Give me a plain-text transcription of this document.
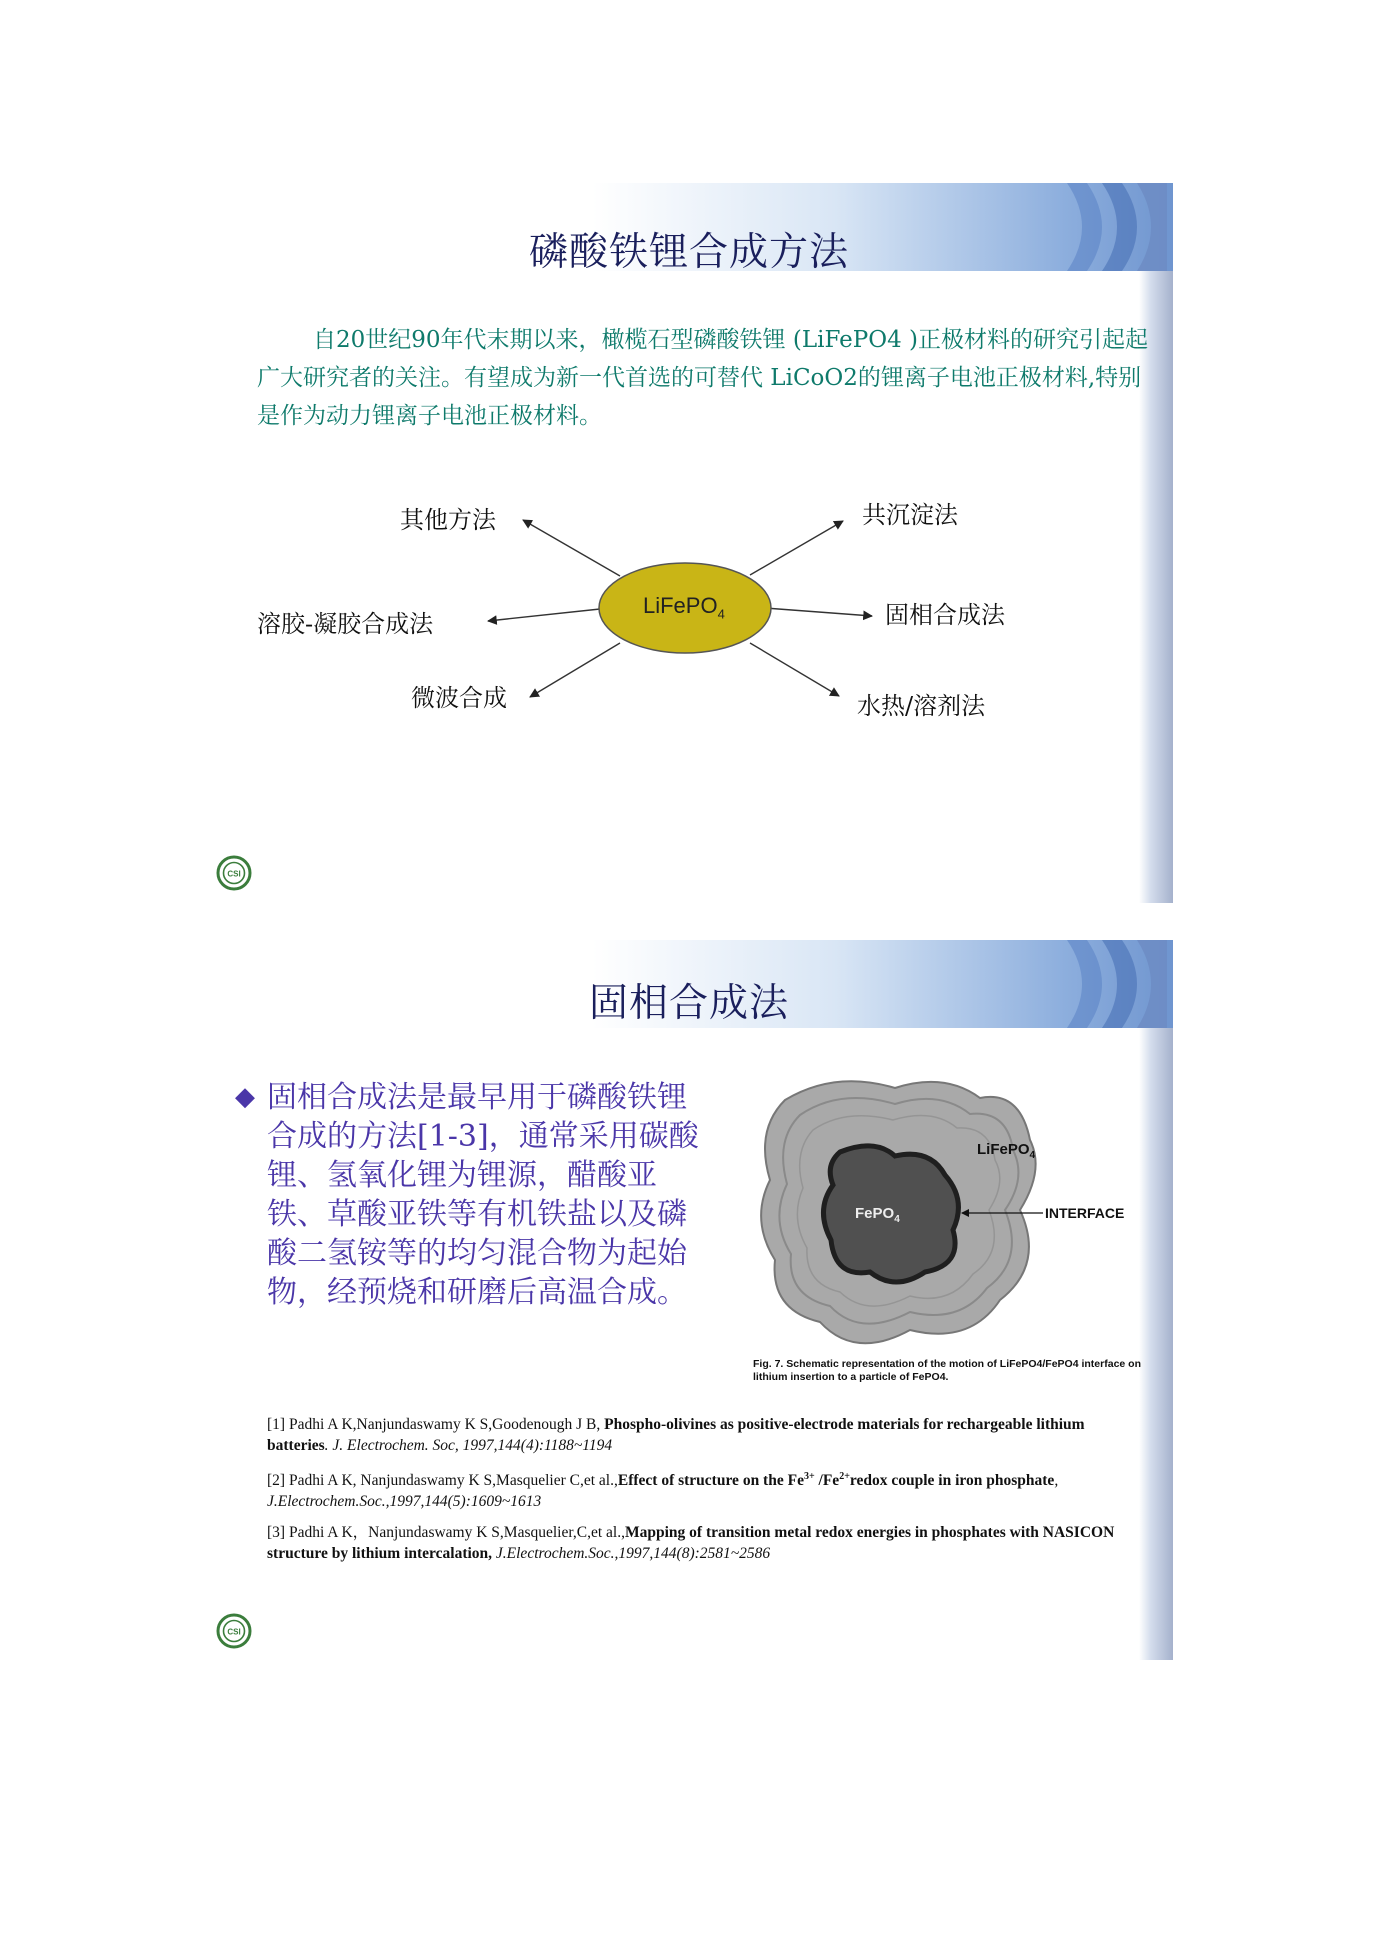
磷酸铁锂合成方法
自20世纪90年代末期以来，橄榄石型磷酸铁锂 (LiFePO4 )正极材料的研究引起起广大研究者的关注。有望成为新一代首选的可替代 LiCoO2的锂离子电池正极材料,特别是作为动力锂离子电池正极材料。
LiFePO$_4$
其他方法	共沉淀法
溶胶-凝胶合成法	固相合成法
微波合成	水热/溶剂法
CSI
固相合成法
◆ 固相合成法是最早用于磷酸铁锂合成的方法[1-3]，通常采用碳酸锂、氢氧化锂为锂源，醋酸亚铁、草酸亚铁等有机铁盐以及磷酸二氢铵等的均匀混合物为起始物，经预烧和研磨后高温合成。
FePO$_4$
LiFePO$_4$
INTERFACE
Fig. 7. Schematic representation of the motion of LiFePO4/FePO4 interface on lithium insertion to a particle of FePO4.
[1] Padhi A K,Nanjundaswamy K S,Goodenough J B, Phospho-olivines as positive-electrode materials for rechargeable lithium batteries. J. Electrochem. Soc, 1997,144(4):1188~1194
[2] Padhi A K, Nanjundaswamy K S,Masquelier C,et al.,Effect of structure on the $Fe^{3+}$ $/Fe^{2+}redox$ couple in iron phosphate, J.Electrochem.Soc.,1997,144(5):1609~1613
[3] Padhi A K，Nanjundaswamy K S,Masquelier,C,et al.,Mapping of transition metal redox energies in phosphates with NASICON structure by lithium intercalation, J.Electrochem.Soc.,1997,144(8):2581~2586
CSI
